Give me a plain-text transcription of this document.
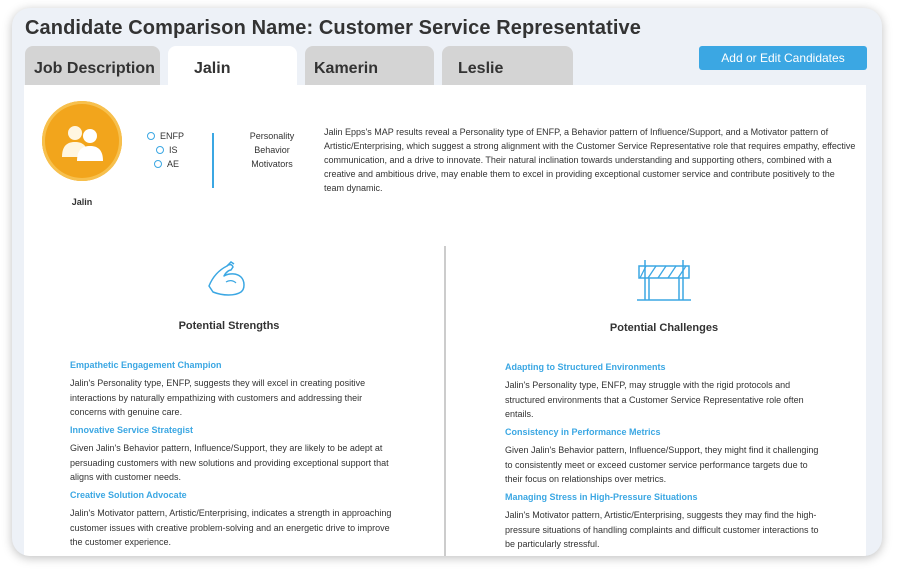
Candidate Comparison Name: Customer Service Representative
Job Description	Jalin	Kamerin	Leslie
Add or Edit Candidates
Jalin
ENFP
IS
AE
Personality
Behavior
Motivators
Jalin Epps's MAP results reveal a Personality type of ENFP, a Behavior pattern of Influence/Support, and a Motivator pattern of Artistic/Enterprising, which suggest a strong alignment with the Customer Service Representative role that requires empathy, effective communication, and a drive to innovate. Their natural inclination towards understanding and supporting others, combined with a creative and ambitious drive, may enable them to excel in providing exceptional customer service and contribute positively to the team dynamic.
Potential Strengths
Empathetic Engagement Champion
Jalin's Personality type, ENFP, suggests they will excel in creating positive interactions by naturally empathizing with customers and addressing their concerns with genuine care.
Innovative Service Strategist
Given Jalin's Behavior pattern, Influence/Support, they are likely to be adept at persuading customers with new solutions and providing exceptional support that aligns with customer needs.
Creative Solution Advocate
Jalin's Motivator pattern, Artistic/Enterprising, indicates a strength in approaching customer issues with creative problem-solving and an energetic drive to improve the customer experience.
Potential Challenges
Adapting to Structured Environments
Jalin's Personality type, ENFP, may struggle with the rigid protocols and structured environments that a Customer Service Representative role often entails.
Consistency in Performance Metrics
Given Jalin's Behavior pattern, Influence/Support, they might find it challenging to consistently meet or exceed customer service performance targets due to their focus on relationships over metrics.
Managing Stress in High-Pressure Situations
Jalin's Motivator pattern, Artistic/Enterprising, suggests they may find the high-pressure situations of handling complaints and difficult customer interactions to be particularly stressful.
